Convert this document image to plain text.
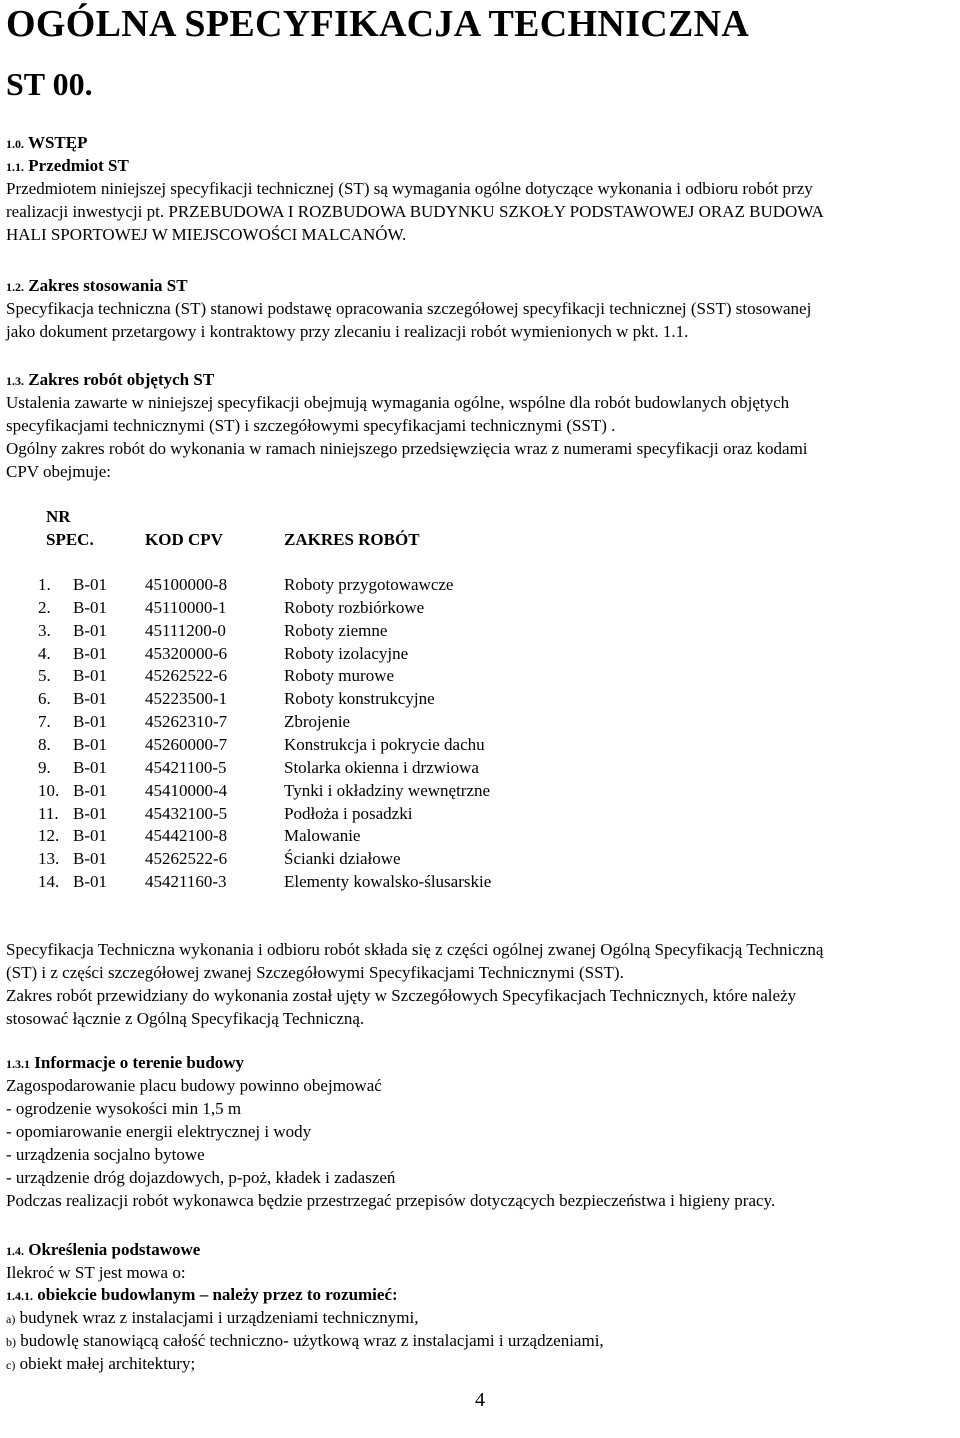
OGÓLNA SPECYFIKACJA TECHNICZNA
ST 00.
1.0. WSTĘP
1.1. Przedmiot ST
Przedmiotem niniejszej specyfikacji technicznej (ST) są wymagania ogólne dotyczące wykonania i odbioru robót przy
realizacji inwestycji pt. PRZEBUDOWA I ROZBUDOWA BUDYNKU SZKOŁY PODSTAWOWEJ ORAZ BUDOWA
HALI SPORTOWEJ W MIEJSCOWOŚCI MALCANÓW.
1.2. Zakres stosowania ST
Specyfikacja techniczna (ST) stanowi podstawę opracowania szczegółowej specyfikacji technicznej (SST) stosowanej
jako dokument przetargowy i kontraktowy przy zlecaniu i realizacji robót wymienionych w pkt. 1.1.
1.3. Zakres robót objętych ST
Ustalenia zawarte w niniejszej specyfikacji obejmują wymagania ogólne, wspólne dla robót budowlanych objętych
specyfikacjami technicznymi (ST) i szczegółowymi specyfikacjami technicznymi (SST) .
Ogólny zakres robót do wykonania w ramach niniejszego przedsięwzięcia wraz z numerami specyfikacji oraz kodami
CPV obejmuje:
NR
SPEC.	KOD CPV	ZAKRES ROBÓT
1. B-01 45100000-8	Roboty przygotowawcze
2. B-01 45110000-1	Roboty rozbiórkowe
3. B-01 45111200-0	Roboty ziemne
4. B-01 45320000-6	Roboty izolacyjne
5. B-01 45262522-6	Roboty murowe
6. B-01 45223500-1	Roboty konstrukcyjne
7. B-01 45262310-7	Zbrojenie
8. B-01 45260000-7	Konstrukcja i pokrycie dachu
9. B-01 45421100-5	Stolarka okienna i drzwiowa
10. B-01 45410000-4	Tynki i okładziny wewnętrzne
11. B-01 45432100-5	Podłoża i posadzki
12. B-01 45442100-8	Malowanie
13. B-01 45262522-6	Ścianki działowe
14. B-01 45421160-3	Elementy kowalsko-ślusarskie
Specyfikacja Techniczna wykonania i odbioru robót składa się z części ogólnej zwanej Ogólną Specyfikacją Techniczną
(ST) i z części szczegółowej zwanej Szczegółowymi Specyfikacjami Technicznymi (SST).
Zakres robót przewidziany do wykonania został ujęty w Szczegółowych Specyfikacjach Technicznych, które należy
stosować łącznie z Ogólną Specyfikacją Techniczną.
1.3.1 Informacje o terenie budowy
Zagospodarowanie placu budowy powinno obejmować
- ogrodzenie wysokości min 1,5 m
- opomiarowanie energii elektrycznej i wody
- urządzenia socjalno bytowe
- urządzenie dróg dojazdowych, p-poż, kładek i zadaszeń
Podczas realizacji robót wykonawca będzie przestrzegać przepisów dotyczących bezpieczeństwa i higieny pracy.
1.4. Określenia podstawowe
Ilekroć w ST jest mowa o:
1.4.1. obiekcie budowlanym – należy przez to rozumieć:
a) budynek wraz z instalacjami i urządzeniami technicznymi,
b) budowlę stanowiącą całość techniczno- użytkową wraz z instalacjami i urządzeniami,
c) obiekt małej architektury;
4
